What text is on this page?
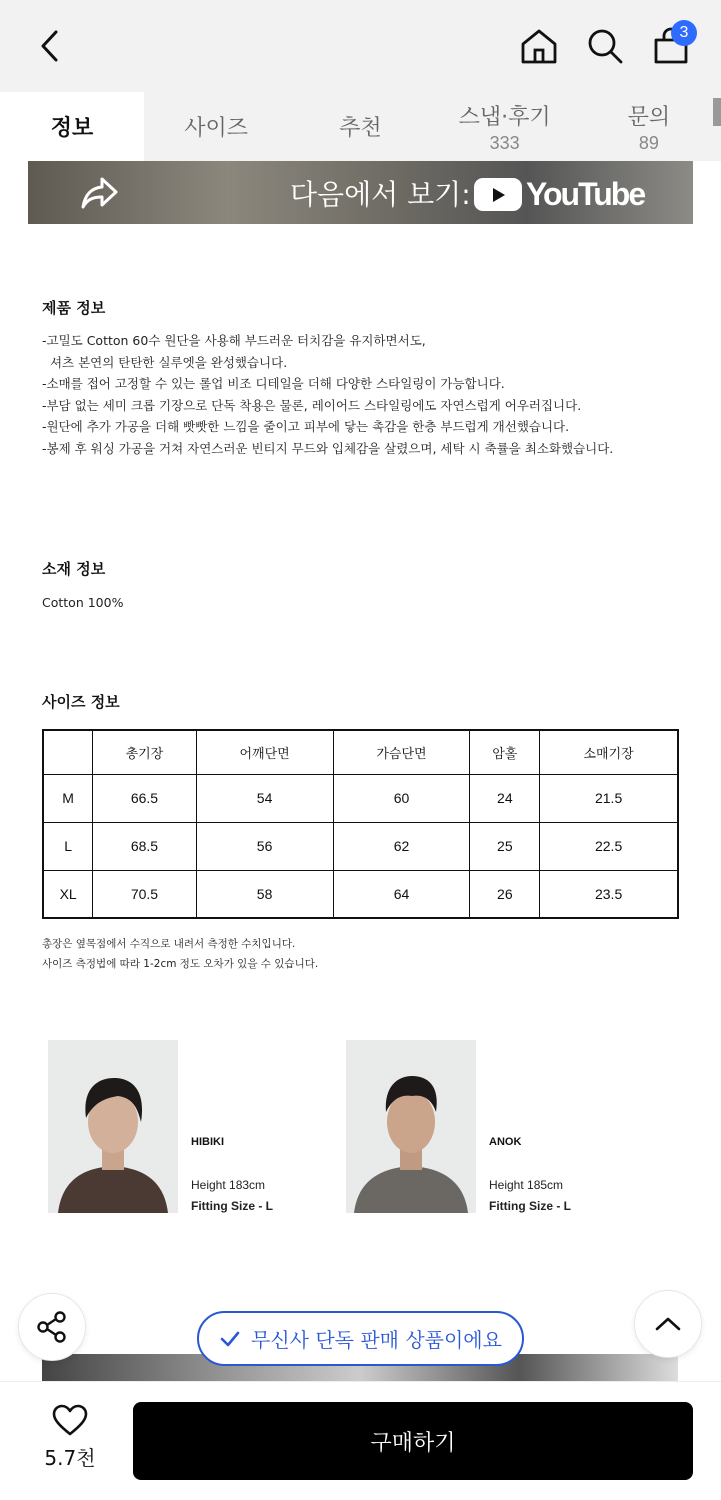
3
정보	사이즈	추천	스냅·후기
333
문의
89
다음에서 보기: YouTube
제품 정보
-고밀도 Cotton 60수 원단을 사용해 부드러운 터치감을 유지하면서도,
셔츠 본연의 탄탄한 실루엣을 완성했습니다.
-소매를 접어 고정할 수 있는 롤업 비조 디테일을 더해 다양한 스타일링이 가능합니다.
-부담 없는 세미 크롭 기장으로 단독 착용은 물론, 레이어드 스타일링에도 자연스럽게 어우러집니다.
-원단에 추가 가공을 더해 빳빳한 느낌을 줄이고 피부에 닿는 촉감을 한층 부드럽게 개선했습니다.
-봉제 후 워싱 가공을 거쳐 자연스러운 빈티지 무드와 입체감을 살렸으며, 세탁 시 축률을 최소화했습니다.
소재 정보
Cotton 100%
사이즈 정보
	총기장	어깨단면	가슴단면	암홀	소매기장
M	66.5	54	60	24	21.5
L	68.5	56	62	25	22.5
XL	70.5	58	64	26	23.5
총장은 옆목점에서 수직으로 내려서 측정한 수치입니다.
사이즈 측정법에 따라 1-2cm 정도 오차가 있을 수 있습니다.
HIBIKI
Height 183cm
Fitting Size - L
ANOK
Height 185cm
Fitting Size - L
무신사 단독 판매 상품이에요
5.7천
구매하기
